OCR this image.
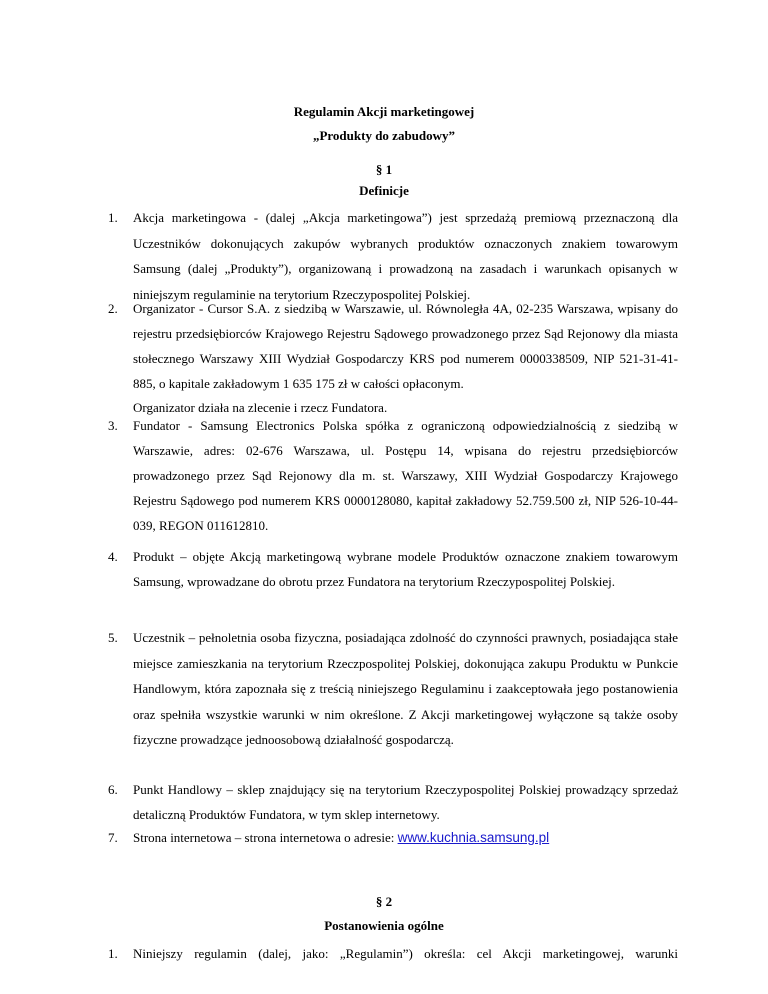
Regulamin Akcji marketingowej
„Produkty do zabudowy”
§ 1
Definicje
1. Akcja marketingowa - (dalej „Akcja marketingowa”) jest sprzedażą premiową przeznaczoną dla Uczestników dokonujących zakupów wybranych produktów oznaczonych znakiem towarowym Samsung (dalej „Produkty”), organizowaną i prowadzoną na zasadach i warunkach opisanych w niniejszym regulaminie na terytorium Rzeczypospolitej Polskiej.

2. Organizator - Cursor S.A. z siedzibą w Warszawie, ul. Równoległa 4A, 02-235 Warszawa, wpisany do rejestru przedsiębiorców Krajowego Rejestru Sądowego prowadzonego przez Sąd Rejonowy dla miasta stołecznego Warszawy XIII Wydział Gospodarczy KRS pod numerem 0000338509, NIP 521-31-41-885, o kapitale zakładowym 1 635 175 zł w całości opłaconym.

Organizator działa na zlecenie i rzecz Fundatora.

3. Fundator - Samsung Electronics Polska spółka z ograniczoną odpowiedzialnością z siedzibą w Warszawie, adres: 02-676 Warszawa, ul. Postępu 14, wpisana do rejestru przedsiębiorców prowadzonego przez Sąd Rejonowy dla m. st. Warszawy, XIII Wydział Gospodarczy Krajowego Rejestru Sądowego pod numerem KRS 0000128080, kapitał zakładowy 52.759.500 zł, NIP 526-10-44-039, REGON 011612810.

4. Produkt – objęte Akcją marketingową wybrane modele Produktów oznaczone znakiem towarowym Samsung, wprowadzane do obrotu przez Fundatora na terytorium Rzeczypospolitej Polskiej.

5. Uczestnik – pełnoletnia osoba fizyczna, posiadająca zdolność do czynności prawnych, posiadająca stałe miejsce zamieszkania na terytorium Rzeczpospolitej Polskiej, dokonująca zakupu Produktu w Punkcie Handlowym, która zapoznała się z treścią niniejszego Regulaminu i zaakceptowała jego postanowienia oraz spełniła wszystkie warunki w nim określone. Z Akcji marketingowej wyłączone są także osoby fizyczne prowadzące jednoosobową działalność gospodarczą.

6. Punkt Handlowy – sklep znajdujący się na terytorium Rzeczypospolitej Polskiej prowadzący sprzedaż detaliczną Produktów Fundatora, w tym sklep internetowy.

7. Strona internetowa – strona internetowa o adresie: www.kuchnia.samsung.pl

§ 2
Postanowienia ogólne
1. Niniejszy regulamin (dalej, jako: „Regulamin”) określa: cel Akcji marketingowej, warunki
